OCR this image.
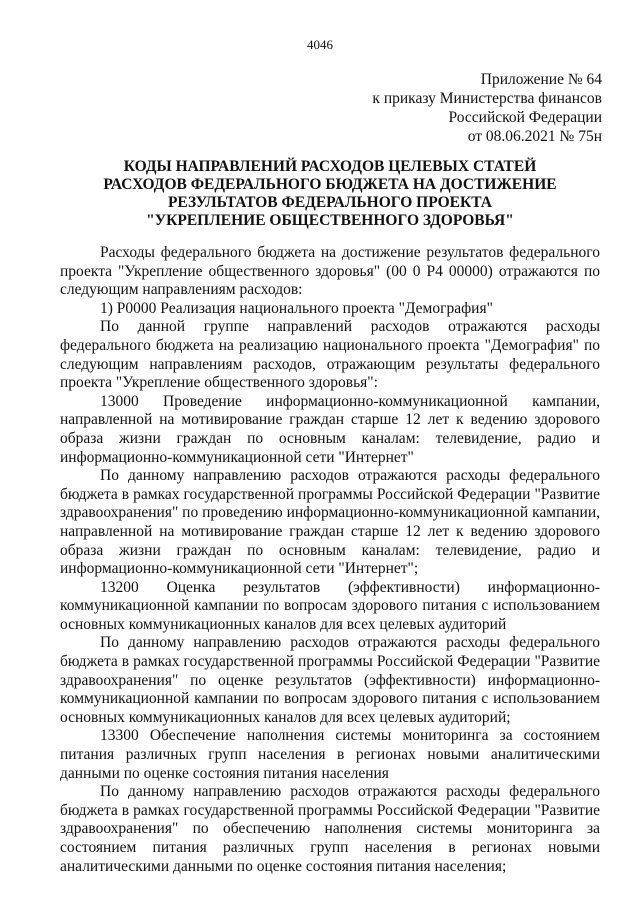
4046
Приложение № 64
к приказу Министерства финансов
Российской Федерации
от 08.06.2021 № 75н
КОДЫ НАПРАВЛЕНИЙ РАСХОДОВ ЦЕЛЕВЫХ СТАТЕЙ
РАСХОДОВ ФЕДЕРАЛЬНОГО БЮДЖЕТА НА ДОСТИЖЕНИЕ
РЕЗУЛЬТАТОВ ФЕДЕРАЛЬНОГО ПРОЕКТА
"УКРЕПЛЕНИЕ ОБЩЕСТВЕННОГО ЗДОРОВЬЯ"

Расходы федерального бюджета на достижение результатов федерального проекта "Укрепление общественного здоровья" (00 0 Р4 00000) отражаются по следующим направлениям расходов:

1) Р0000 Реализация национального проекта "Демография"

По данной группе направлений расходов отражаются расходы федерального бюджета на реализацию национального проекта "Демография" по следующим направлениям расходов, отражающим результаты федерального проекта "Укрепление общественного здоровья":

13000 Проведение информационно-коммуникационной кампании, направленной на мотивирование граждан старше 12 лет к ведению здорового образа жизни граждан по основным каналам: телевидение, радио и информационно-коммуникационной сети "Интернет"

По данному направлению расходов отражаются расходы федерального бюджета в рамках государственной программы Российской Федерации "Развитие здравоохранения" по проведению информационно-коммуникационной кампании, направленной на мотивирование граждан старше 12 лет к ведению здорового образа жизни граждан по основным каналам: телевидение, радио и информационно-коммуникационной сети "Интернет";

13200 Оценка результатов (эффективности) информационно-коммуникационной кампании по вопросам здорового питания с использованием основных коммуникационных каналов для всех целевых аудиторий

По данному направлению расходов отражаются расходы федерального бюджета в рамках государственной программы Российской Федерации "Развитие здравоохранения" по оценке результатов (эффективности) информационно-коммуникационной кампании по вопросам здорового питания с использованием основных коммуникационных каналов для всех целевых аудиторий;

13300 Обеспечение наполнения системы мониторинга за состоянием питания различных групп населения в регионах новыми аналитическими данными по оценке состояния питания населения

По данному направлению расходов отражаются расходы федерального бюджета в рамках государственной программы Российской Федерации "Развитие здравоохранения" по обеспечению наполнения системы мониторинга за состоянием питания различных групп населения в регионах новыми аналитическими данными по оценке состояния питания населения;
